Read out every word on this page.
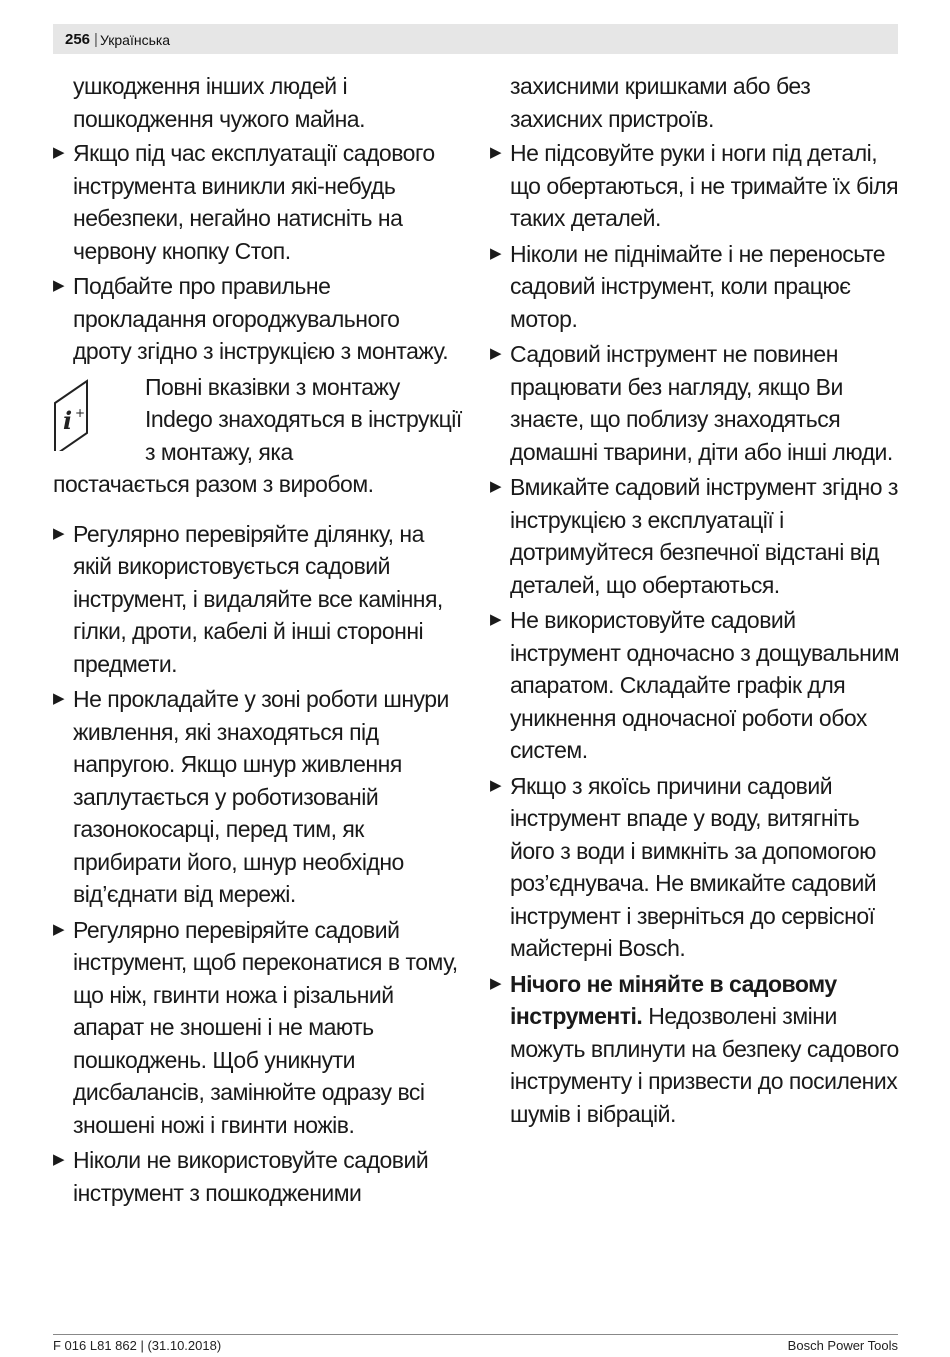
256 | Українська
ушкодження інших людей і пошкодження чужого майна.
▶ Якщо під час експлуатації садового інструмента виникли які-небудь небезпеки, негайно натисніть на червону кнопку Стоп.
▶ Подбайте про правильне прокладання огороджувального дроту згідно з інструкцією з монтажу.
i +
Повні вказівки з монтажу Indego знаходяться в інструкції з монтажу, яка
постачається разом з виробом.
▶ Регулярно перевіряйте ділянку, на якій використовується садовий інструмент, і видаляйте все каміння, гілки, дроти, кабелі й інші сторонні предмети.
▶ Не прокладайте у зоні роботи шнури живлення, які знаходяться під напругою. Якщо шнур живлення заплутається у роботизованій газонокосарці, перед тим, як прибирати його, шнур необхідно від’єднати від мережі.
▶ Регулярно перевіряйте садовий інструмент, щоб переконатися в тому, що ніж, гвинти ножа і різальний апарат не зношені і не мають пошкоджень. Щоб уникнути дисбалансів, замінюйте одразу всі зношені ножі і гвинти ножів.
▶ Ніколи не використовуйте садовий інструмент з пошкодженими
захисними кришками або без захисних пристроїв.
▶ Не підсовуйте руки і ноги під деталі, що обертаються, і не тримайте їх біля таких деталей.
▶ Ніколи не піднімайте і не переносьте садовий інструмент, коли працює мотор.
▶ Садовий інструмент не повинен працювати без нагляду, якщо Ви знаєте, що поблизу знаходяться домашні тварини, діти або інші люди.
▶ Вмикайте садовий інструмент згідно з інструкцією з експлуатації і дотримуйтеся безпечної відстані від деталей, що обертаються.
▶ Не використовуйте садовий інструмент одночасно з дощувальним апаратом. Складайте графік для уникнення одночасної роботи обох систем.
▶ Якщо з якоїсь причини садовий інструмент впаде у воду, витягніть його з води і вимкніть за допомогою роз’єднувача. Не вмикайте садовий інструмент і зверніться до сервісної майстерні Bosch.
▶ Нічого не міняйте в садовому інструменті. Недозволені зміни можуть вплинути на безпеку садового інструменту і призвести до посилених шумів і вібрацій.
F 016 L81 862 | (31.10.2018)	Bosch Power Tools
